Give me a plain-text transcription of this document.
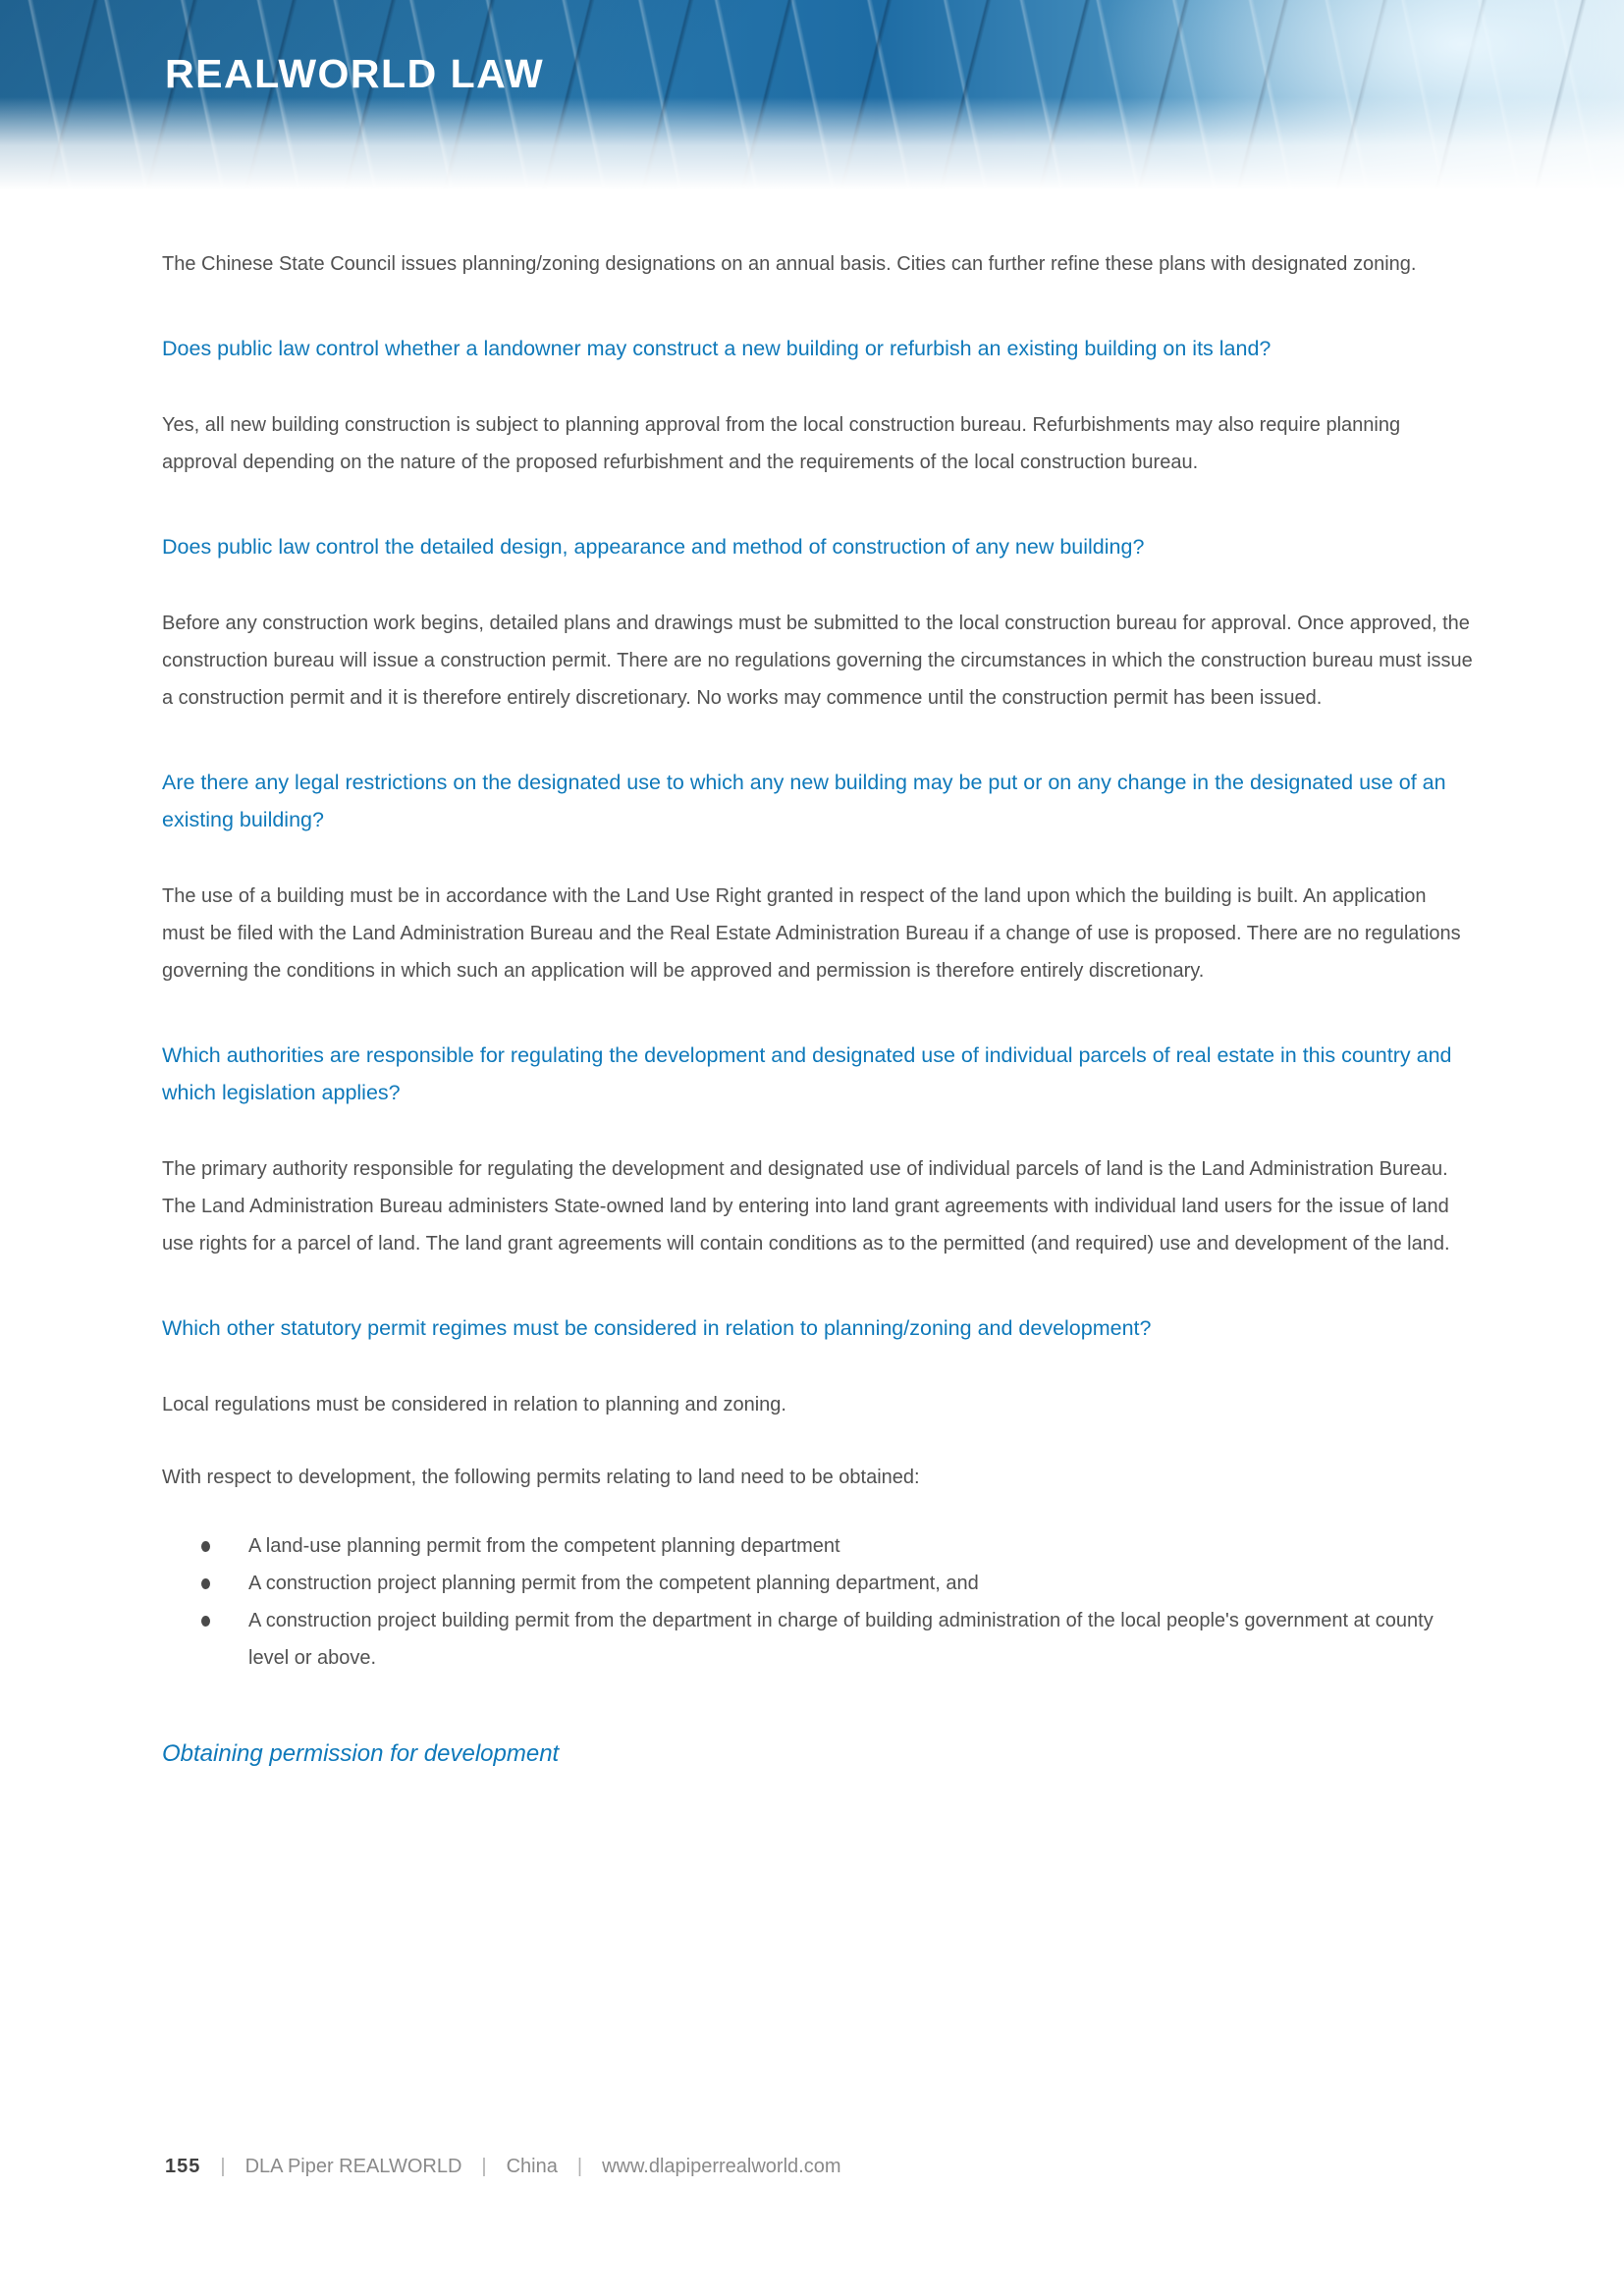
REALWORLD LAW

The Chinese State Council issues planning/zoning designations on an annual basis. Cities can further refine these plans with designated zoning.

Does public law control whether a landowner may construct a new building or refurbish an existing building on its land?

Yes, all new building construction is subject to planning approval from the local construction bureau. Refurbishments may also require planning approval depending on the nature of the proposed refurbishment and the requirements of the local construction bureau.

Does public law control the detailed design, appearance and method of construction of any new building?

Before any construction work begins, detailed plans and drawings must be submitted to the local construction bureau for approval. Once approved, the construction bureau will issue a construction permit. There are no regulations governing the circumstances in which the construction bureau must issue a construction permit and it is therefore entirely discretionary. No works may commence until the construction permit has been issued.

Are there any legal restrictions on the designated use to which any new building may be put or on any change in the designated use of an existing building?

The use of a building must be in accordance with the Land Use Right granted in respect of the land upon which the building is built. An application must be filed with the Land Administration Bureau and the Real Estate Administration Bureau if a change of use is proposed. There are no regulations governing the conditions in which such an application will be approved and permission is therefore entirely discretionary.

Which authorities are responsible for regulating the development and designated use of individual parcels of real estate in this country and which legislation applies?

The primary authority responsible for regulating the development and designated use of individual parcels of land is the Land Administration Bureau. The Land Administration Bureau administers State-owned land by entering into land grant agreements with individual land users for the issue of land use rights for a parcel of land. The land grant agreements will contain conditions as to the permitted (and required) use and development of the land.

Which other statutory permit regimes must be considered in relation to planning/zoning and development?

Local regulations must be considered in relation to planning and zoning.

With respect to development, the following permits relating to land need to be obtained:

A land-use planning permit from the competent planning department
A construction project planning permit from the competent planning department, and
A construction project building permit from the department in charge of building administration of the local people's government at county level or above.
Obtaining permission for development
155 | DLA Piper REALWORLD | China | www.dlapiperrealworld.com
